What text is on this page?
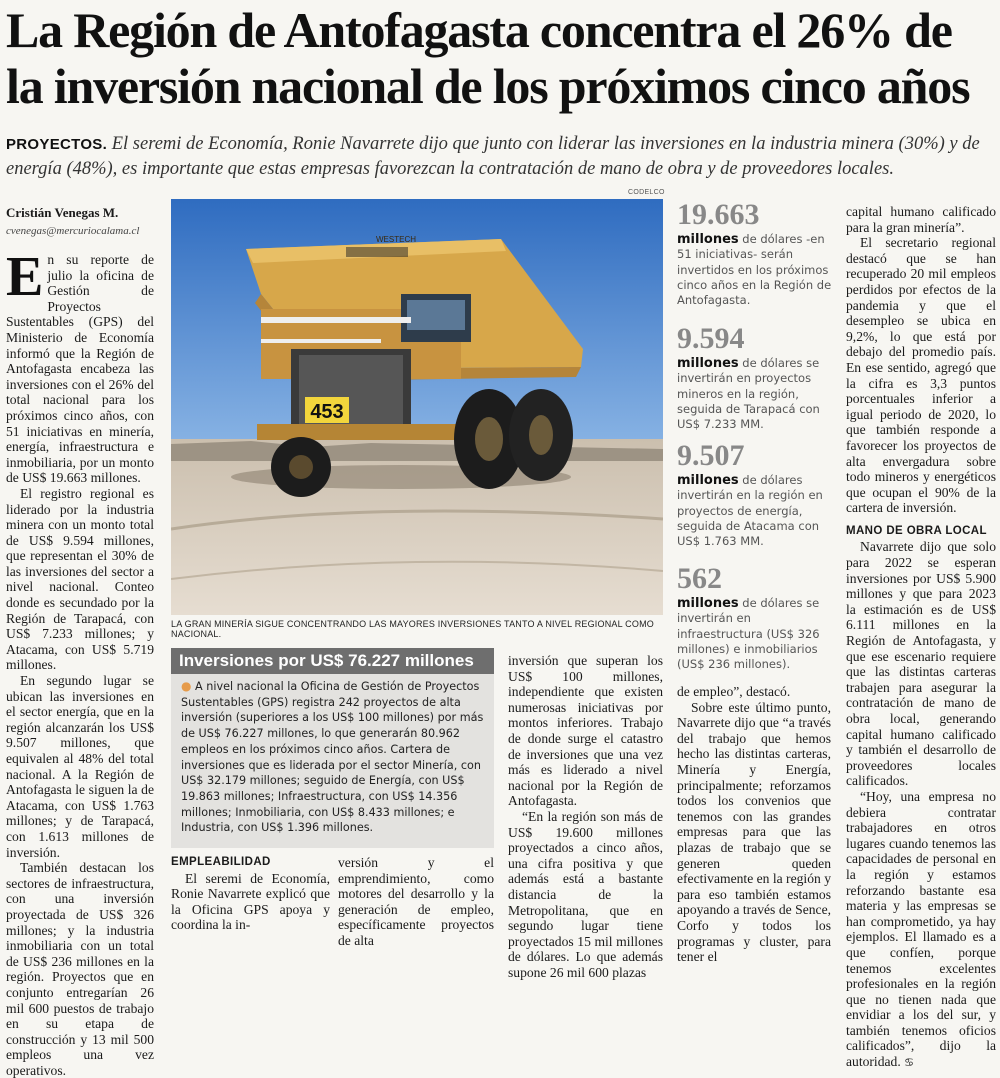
La Región de Antofagasta concentra el 26% de la inversión nacional de los próximos cinco años

PROYECTOS. El seremi de Economía, Ronie Navarrete dijo que junto con liderar las inversiones en la industria minera (30%) y de energía (48%), es importante que estas empresas favorezcan la contratación de mano de obra y de proveedores locales.

Cristián Venegas M.
cvenegas@mercuriocalama.cl

En su reporte de julio la oficina de Gestión de Proyectos Sustentables (GPS) del Ministerio de Economía informó que la Región de Antofagasta encabeza las inversiones con el 26% del total nacional para los próximos cinco años, con 51 iniciativas en minería, energía, infraestructura e inmobiliaria, por un monto de US$ 19.663 millones.

El registro regional es liderado por la industria minera con un monto total de US$ 9.594 millones, que representan el 30% de las inversiones del sector a nivel nacional. Conteo donde es secundado por la Región de Tarapacá, con US$ 7.233 millones; y Atacama, con US$ 5.719 millones.

En segundo lugar se ubican las inversiones en el sector energía, que en la región alcanzarán los US$ 9.507 millones, que equivalen al 48% del total nacional. A la Región de Antofagasta le siguen la de Atacama, con US$ 1.763 millones; y de Tarapacá, con 1.613 millones de inversión.

También destacan los sectores de infraestructura, con una inversión proyectada de US$ 326 millones; y la industria inmobiliaria con un total de US$ 236 millones en la región. Proyectos que en conjunto entregarían 26 mil 600 puestos de trabajo en su etapa de construcción y 13 mil 500 empleos una vez operativos.

CODELCO
453
WESTECH
LA GRAN MINERÍA SIGUE CONCENTRANDO LAS MAYORES INVERSIONES TANTO A NIVEL REGIONAL COMO NACIONAL.
Inversiones por US$ 76.227 millones
● A nivel nacional la Oficina de Gestión de Proyectos Sustentables (GPS) registra 242 proyectos de alta inversión (superiores a los US$ 100 millones) por más de US$ 76.227 millones, lo que generarán 80.962 empleos en los próximos cinco años. Cartera de inversiones que es liderada por el sector Minería, con US$ 32.179 millones; seguido de Energía, con US$ 19.863 millones; Infraestructura, con US$ 14.356 millones; Inmobiliaria, con US$ 8.433 millones; e Industria, con US$ 1.396 millones.
EMPLEABILIDAD

El seremi de Economía, Ronie Navarrete explicó que la Oficina GPS apoya y coordina la in-

versión y el emprendimiento, como motores del desarrollo y la generación de empleo, específicamente proyectos de alta

inversión que superan los US$ 100 millones, independiente que existen numerosas iniciativas por montos inferiores. Trabajo de donde surge el catastro de inversiones que una vez más es liderado a nivel nacional por la Región de Antofagasta.

“En la región son más de US$ 19.600 millones proyectados a cinco años, una cifra positiva y que además está a bastante distancia de la Metropolitana, que en segundo lugar tiene proyectados 15 mil millones de dólares. Lo que además supone 26 mil 600 plazas

19.663
millones de dólares -en 51 iniciativas- serán invertidos en los próximos cinco años en la Región de Antofagasta.
9.594
millones de dólares se invertirán en proyectos mineros en la región, seguida de Tarapacá con US$ 7.233 MM.
9.507
millones de dólares invertirán en la región en proyectos de energía, seguida de Atacama con US$ 1.763 MM.
562
millones de dólares se invertirán en infraestructura (US$ 326 millones) e inmobiliarios (US$ 236 millones).

de empleo”, destacó.

Sobre este último punto, Navarrete dijo que “a través del trabajo que hemos hecho las distintas carteras, Minería y Energía, principalmente; reforzamos todos los convenios que tenemos con las grandes empresas para que las plazas de trabajo que se generen queden efectivamente en la región y para eso también estamos apoyando a través de Sence, Corfo y todos los programas y cluster, para tener el

capital humano calificado para la gran minería”.

El secretario regional destacó que se han recuperado 20 mil empleos perdidos por efectos de la pandemia y que el desempleo se ubica en 9,2%, lo que está por debajo del promedio país. En ese sentido, agregó que la cifra es 3,3 puntos porcentuales inferior a igual periodo de 2020, lo que también responde a favorecer los proyectos de alta envergadura sobre todo mineros y energéticos que ocupan el 90% de la cartera de inversión.

MANO DE OBRA LOCAL

Navarrete dijo que solo para 2022 se esperan inversiones por US$ 5.900 millones y que para 2023 la estimación es de US$ 6.111 millones en la Región de Antofagasta, y que ese escenario requiere que las distintas carteras trabajen para asegurar la contratación de mano de obra local, generando capital humano calificado y también el desarrollo de proveedores locales calificados.

“Hoy, una empresa no debiera contratar trabajadores en otros lugares cuando tenemos las capacidades de personal en la región y estamos reforzando bastante esa materia y las empresas se han comprometido, ya hay ejemplos. El llamado es a que confíen, porque tenemos excelentes profesionales en la región que no tienen nada que envidiar a los del sur, y también tenemos oficios calificados”, dijo la autoridad. ♋
